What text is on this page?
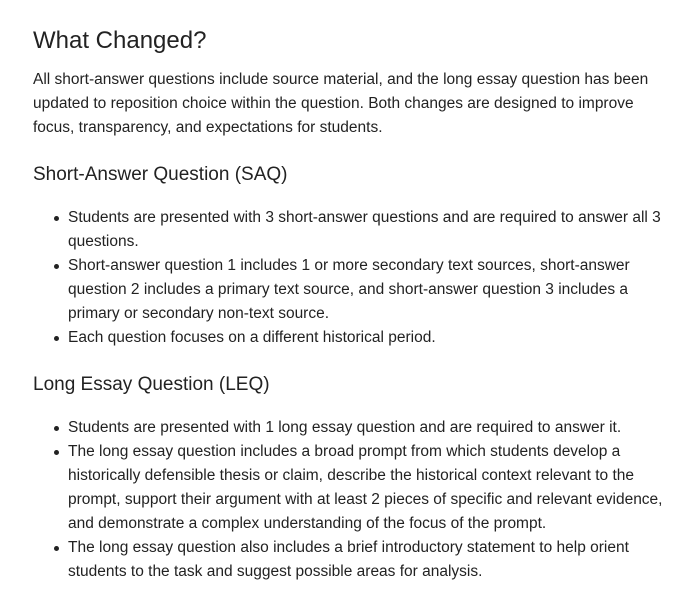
What Changed?

All short-answer questions include source material, and the long essay question has been updated to reposition choice within the question. Both changes are designed to improve focus, transparency, and expectations for students.

Short-Answer Question (SAQ)
Students are presented with 3 short-answer questions and are required to answer all 3 questions.
Short-answer question 1 includes 1 or more secondary text sources, short-answer question 2 includes a primary text source, and short-answer question 3 includes a primary or secondary non-text source.
Each question focuses on a different historical period.
Long Essay Question (LEQ)
Students are presented with 1 long essay question and are required to answer it.
The long essay question includes a broad prompt from which students develop a historically defensible thesis or claim, describe the historical context relevant to the prompt, support their argument with at least 2 pieces of specific and relevant evidence, and demonstrate a complex understanding of the focus of the prompt.
The long essay question also includes a brief introductory statement to help orient students to the task and suggest possible areas for analysis.
